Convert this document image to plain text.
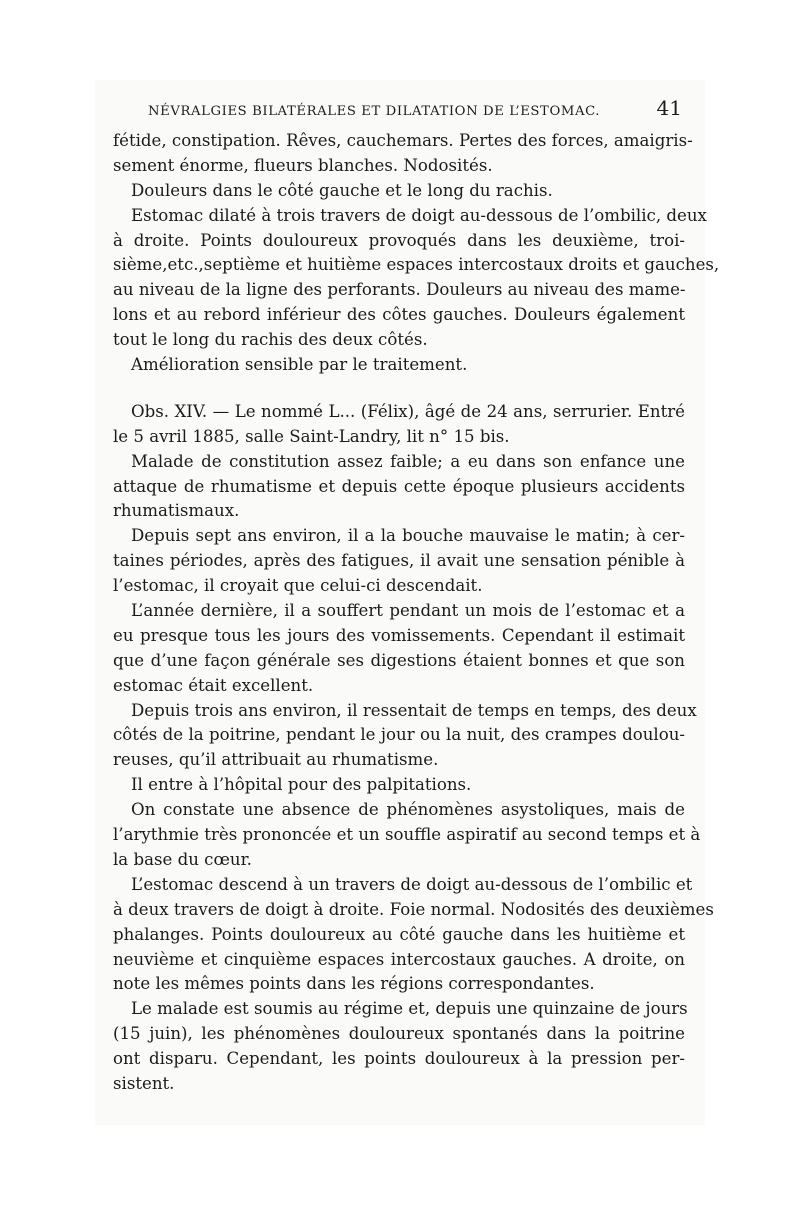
NÉVRALGIES BILATÉRALES ET DILATATION DE L’ESTOMAC.	41
fétide, constipation. Rêves, cauchemars. Pertes des forces, amaigris-
sement énorme, flueurs blanches. Nodosités.
Douleurs dans le côté gauche et le long du rachis.
Estomac dilaté à trois travers de doigt au-dessous de l’ombilic, deux
à droite. Points douloureux provoqués dans les deuxième, troi-
sième,etc.,septième et huitième espaces intercostaux droits et gauches,
au niveau de la ligne des perforants. Douleurs au niveau des mame-
lons et au rebord inférieur des côtes gauches. Douleurs également
tout le long du rachis des deux côtés.
Amélioration sensible par le traitement.
Obs. XIV. — Le nommé L... (Félix), âgé de 24 ans, serrurier. Entré
le 5 avril 1885, salle Saint-Landry, lit n° 15 bis.
Malade de constitution assez faible; a eu dans son enfance une
attaque de rhumatisme et depuis cette époque plusieurs accidents
rhumatismaux.
Depuis sept ans environ, il a la bouche mauvaise le matin; à cer-
taines périodes, après des fatigues, il avait une sensation pénible à
l’estomac, il croyait que celui-ci descendait.
L’année dernière, il a souffert pendant un mois de l’estomac et a
eu presque tous les jours des vomissements. Cependant il estimait
que d’une façon générale ses digestions étaient bonnes et que son
estomac était excellent.
Depuis trois ans environ, il ressentait de temps en temps, des deux
côtés de la poitrine, pendant le jour ou la nuit, des crampes doulou-
reuses, qu’il attribuait au rhumatisme.
Il entre à l’hôpital pour des palpitations.
On constate une absence de phénomènes asystoliques, mais de
l’arythmie très prononcée et un souffle aspiratif au second temps et à
la base du cœur.
L’estomac descend à un travers de doigt au-dessous de l’ombilic et
à deux travers de doigt à droite. Foie normal. Nodosités des deuxièmes
phalanges. Points douloureux au côté gauche dans les huitième et
neuvième et cinquième espaces intercostaux gauches. A droite, on
note les mêmes points dans les régions correspondantes.
Le malade est soumis au régime et, depuis une quinzaine de jours
(15 juin), les phénomènes douloureux spontanés dans la poitrine
ont disparu. Cependant, les points douloureux à la pression per-
sistent.
